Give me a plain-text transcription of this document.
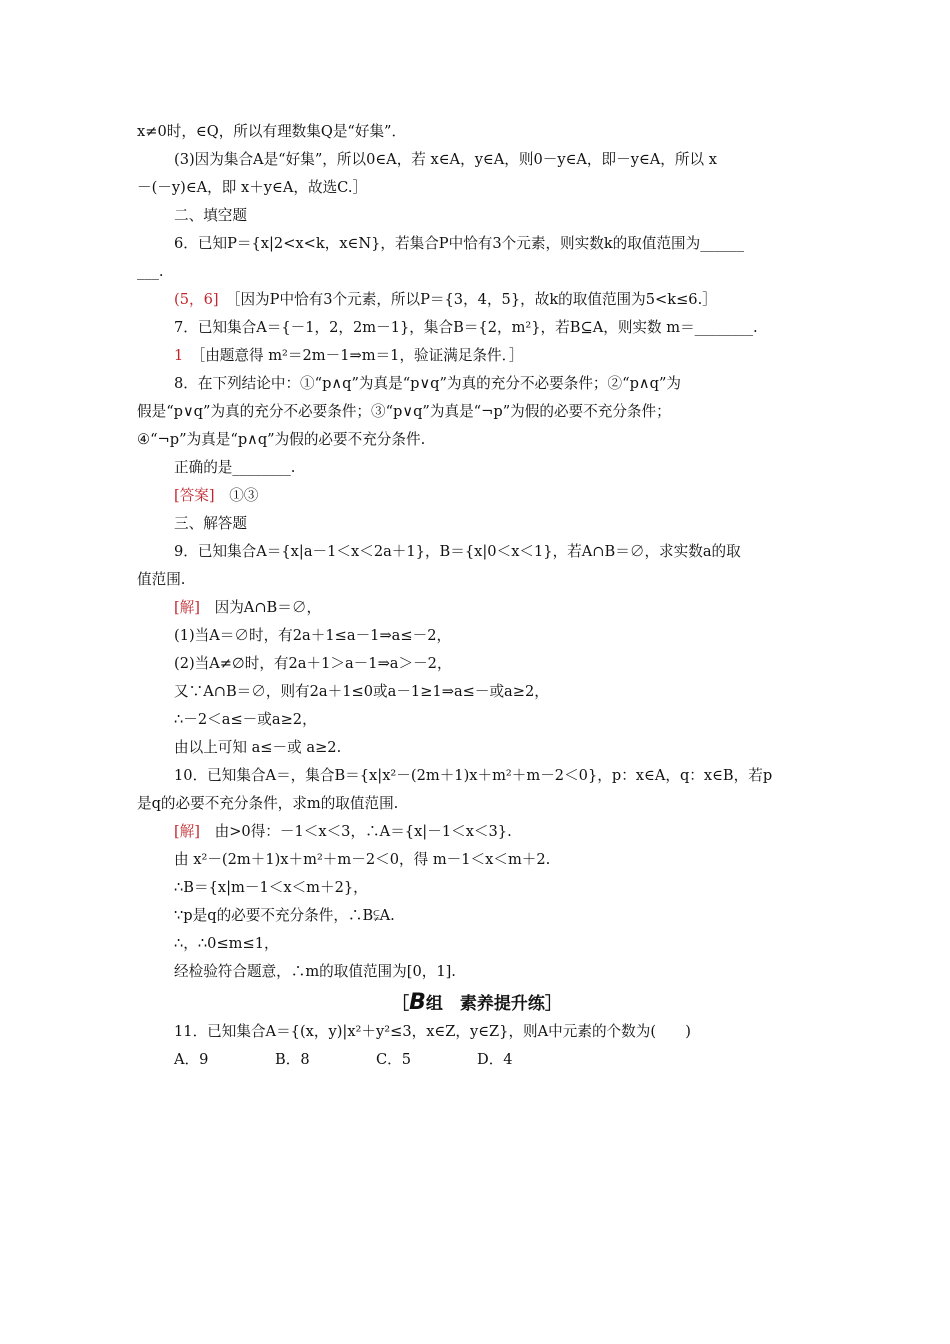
x≠0时，∈Q，所以有理数集Q是“好集”．
(3)因为集合A是“好集”，所以0∈A，若 x∈A，y∈A，则0－y∈A，即－y∈A，所以 x
－(－y)∈A，即 x＋y∈A，故选C.］
二、填空题
6．已知P＝{x|2<x<k，x∈N}，若集合P中恰有3个元素，则实数k的取值范围为______
___.
(5，6]　 ［因为P中恰有3个元素，所以P＝{3，4，5}，故k的取值范围为5<k≤6.］
7．已知集合A＝{－1，2，2m－1}，集合B＝{2，m²}，若B⊆A，则实数 m＝________.
1　 ［由题意得 m²＝2m－1⇒m＝1，验证满足条件．］
8．在下列结论中：①“p∧q”为真是“p∨q”为真的充分不必要条件；②“p∧q”为
假是“p∨q”为真的充分不必要条件；③“p∨q”为真是“¬p”为假的必要不充分条件；
④“¬p”为真是“p∧q”为假的必要不充分条件.
正确的是________.
[答案]　 ①③
三、解答题
9．已知集合A＝{x|a－1＜x＜2a＋1}，B＝{x|0＜x＜1}，若A∩B＝∅，求实数a的取
值范围.
[解]　 因为A∩B＝∅，
(1)当A＝∅时，有2a＋1≤a－1⇒a≤－2，
(2)当A≠∅时，有2a＋1＞a－1⇒a＞－2，
又∵A∩B＝∅，则有2a＋1≤0或a－1≥1⇒a≤－或a≥2，
∴－2＜a≤－或a≥2，
由以上可知 a≤－或 a≥2.
10．已知集合A＝，集合B＝{x|x²－(2m＋1)x＋m²＋m－2＜0}，p：x∈A，q：x∈B，若p
是q的必要不充分条件，求m的取值范围.
[解]　 由>0得：－1＜x＜3，∴A＝{x|－1＜x＜3}.
由 x²－(2m＋1)x＋m²＋m－2＜0，得 m－1＜x＜m＋2.
∴B＝{x|m－1＜x＜m＋2}，
∵p是q的必要不充分条件，∴B⫋A.
∴，∴0≤m≤1，
经检验符合题意，∴m的取值范围为[0，1].
［B组　素养提升练］
11．已知集合A＝{(x，y)|x²＋y²≤3，x∈Z，y∈Z}，则A中元素的个数为(　　)
A．9	B．8	C．5	D．4
